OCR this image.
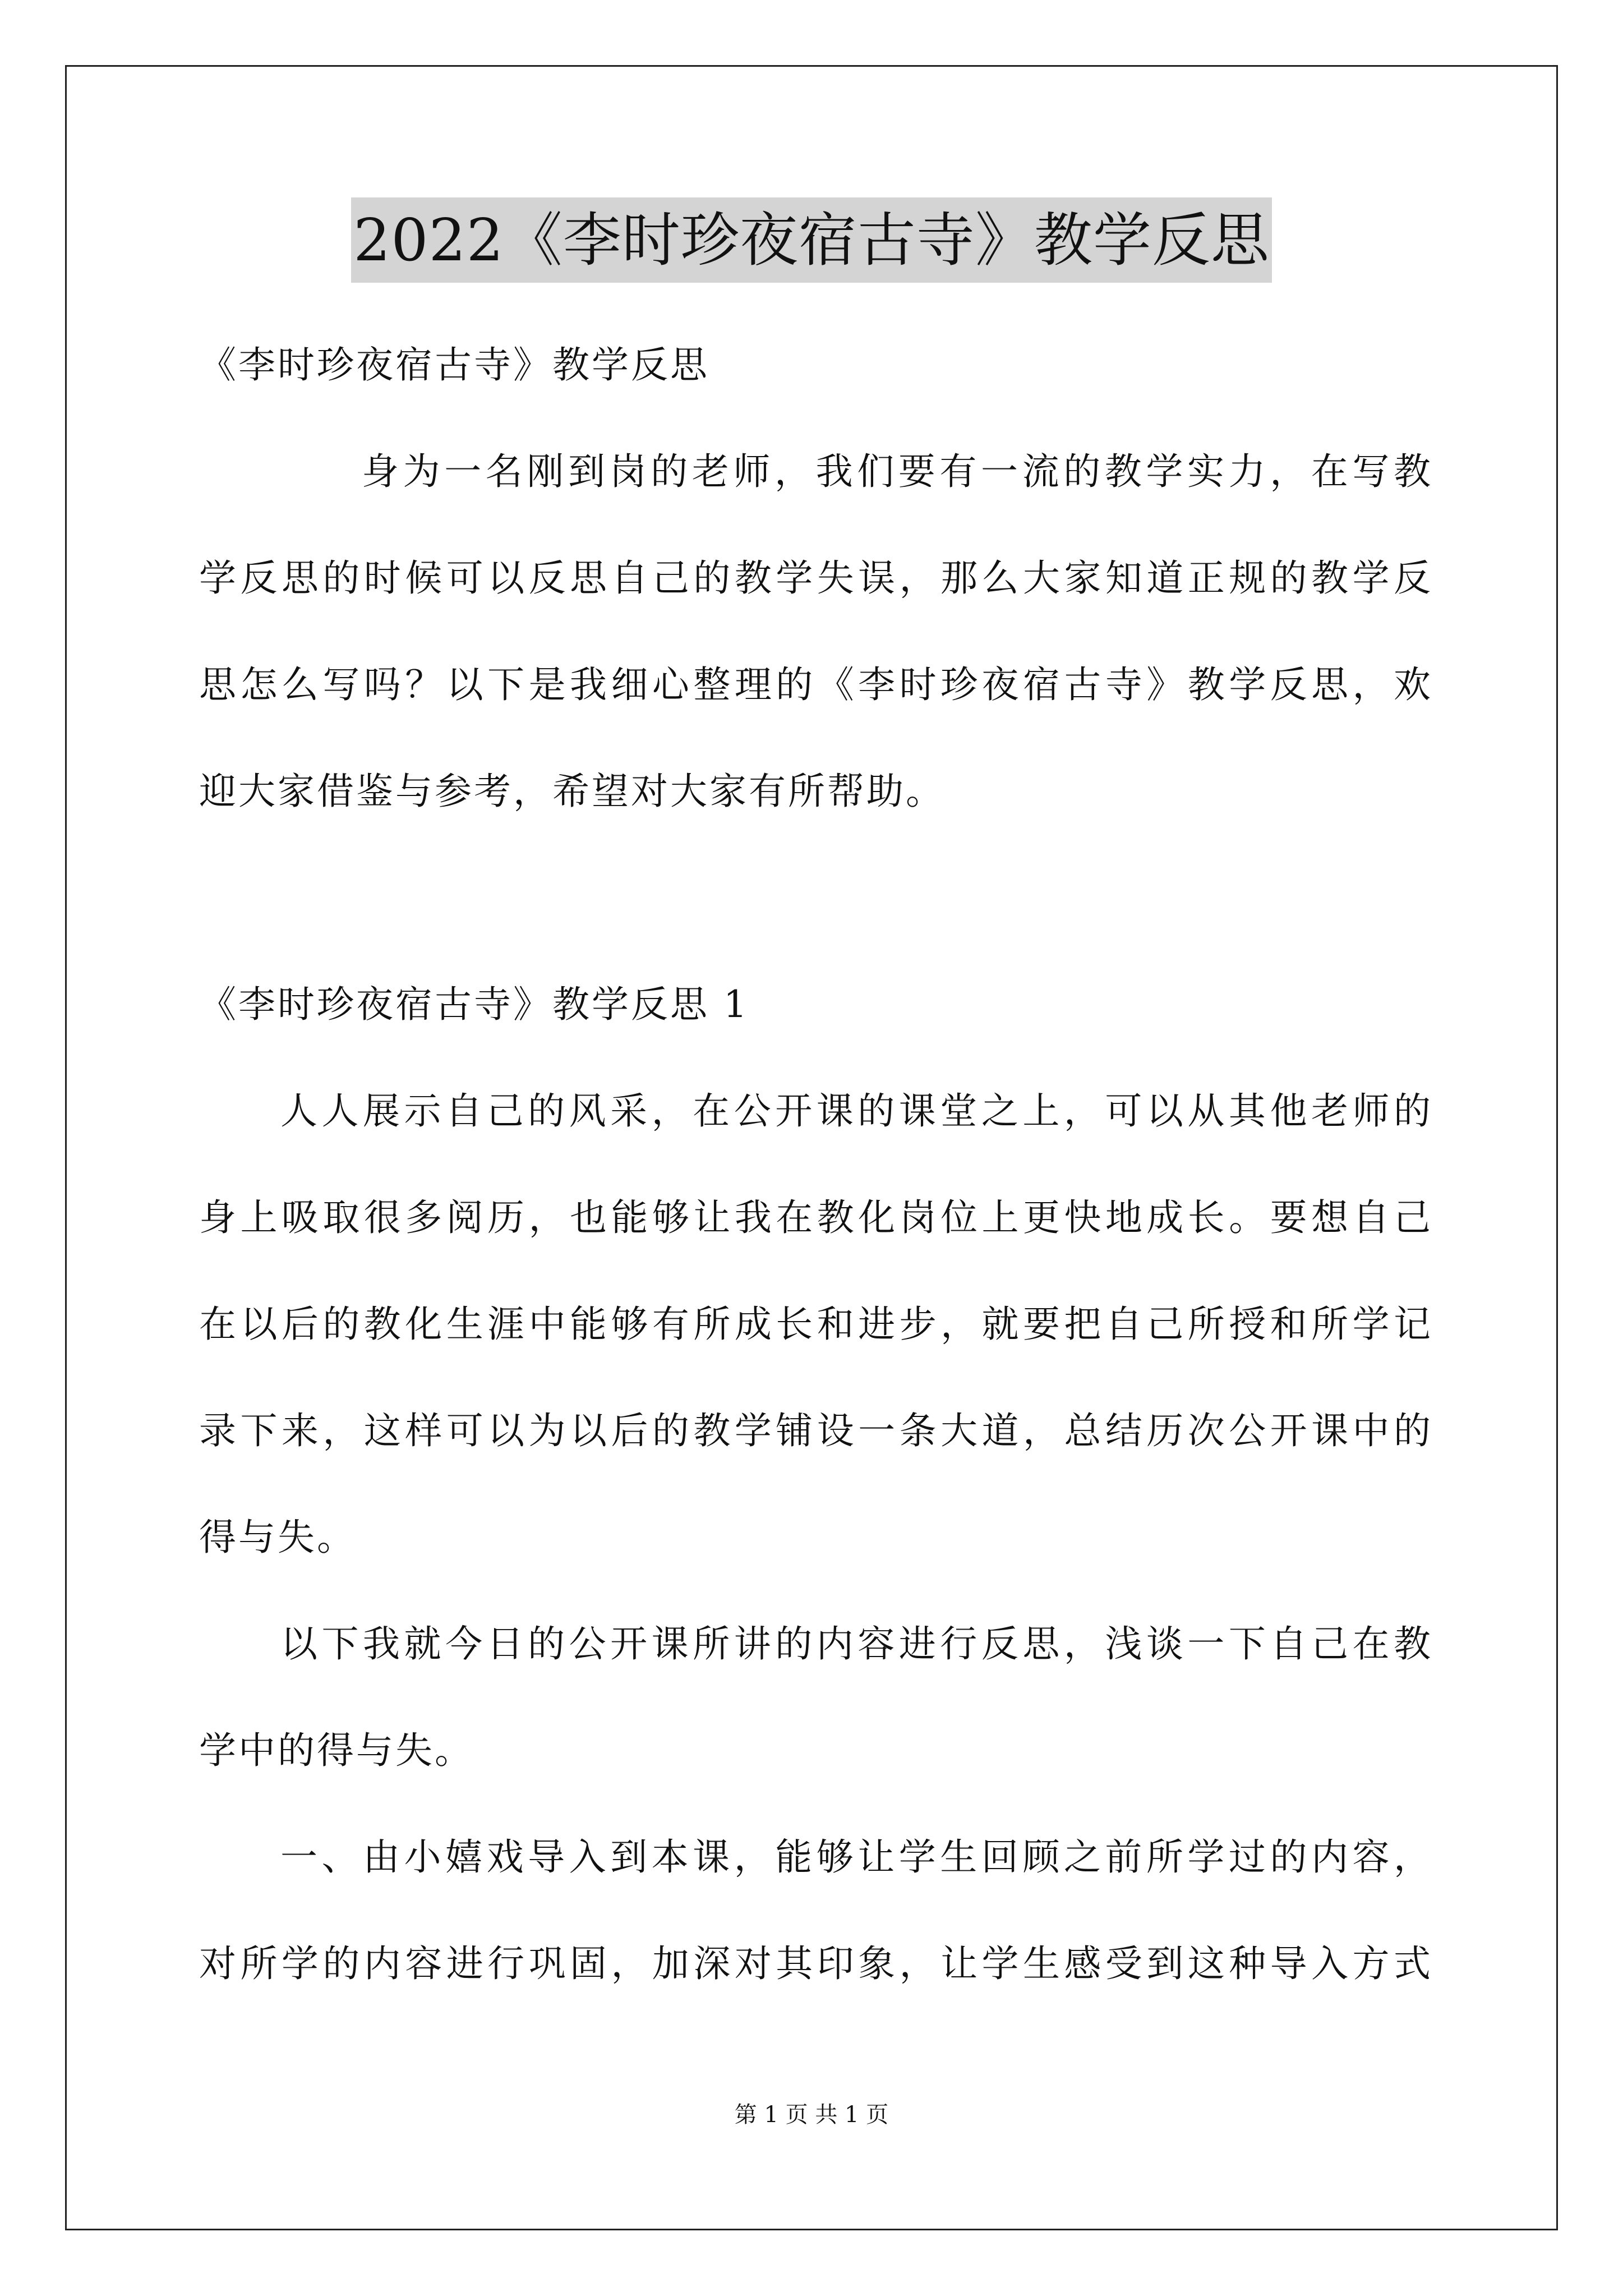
2022《李时珍夜宿古寺》教学反思
《李时珍夜宿古寺》教学反思
身为一名刚到岗的老师，我们要有一流的教学实力，在写教
学反思的时候可以反思自己的教学失误，那么大家知道正规的教学反
思怎么写吗？以下是我细心整理的《李时珍夜宿古寺》教学反思，欢
迎大家借鉴与参考，希望对大家有所帮助。
《李时珍夜宿古寺》教学反思 1
人人展示自己的风采，在公开课的课堂之上，可以从其他老师的
身上吸取很多阅历，也能够让我在教化岗位上更快地成长。要想自己
在以后的教化生涯中能够有所成长和进步，就要把自己所授和所学记
录下来，这样可以为以后的教学铺设一条大道，总结历次公开课中的
得与失。
以下我就今日的公开课所讲的内容进行反思，浅谈一下自己在教
学中的得与失。
一、由小嬉戏导入到本课，能够让学生回顾之前所学过的内容，
对所学的内容进行巩固，加深对其印象，让学生感受到这种导入方式
第 1 页 共 1 页
